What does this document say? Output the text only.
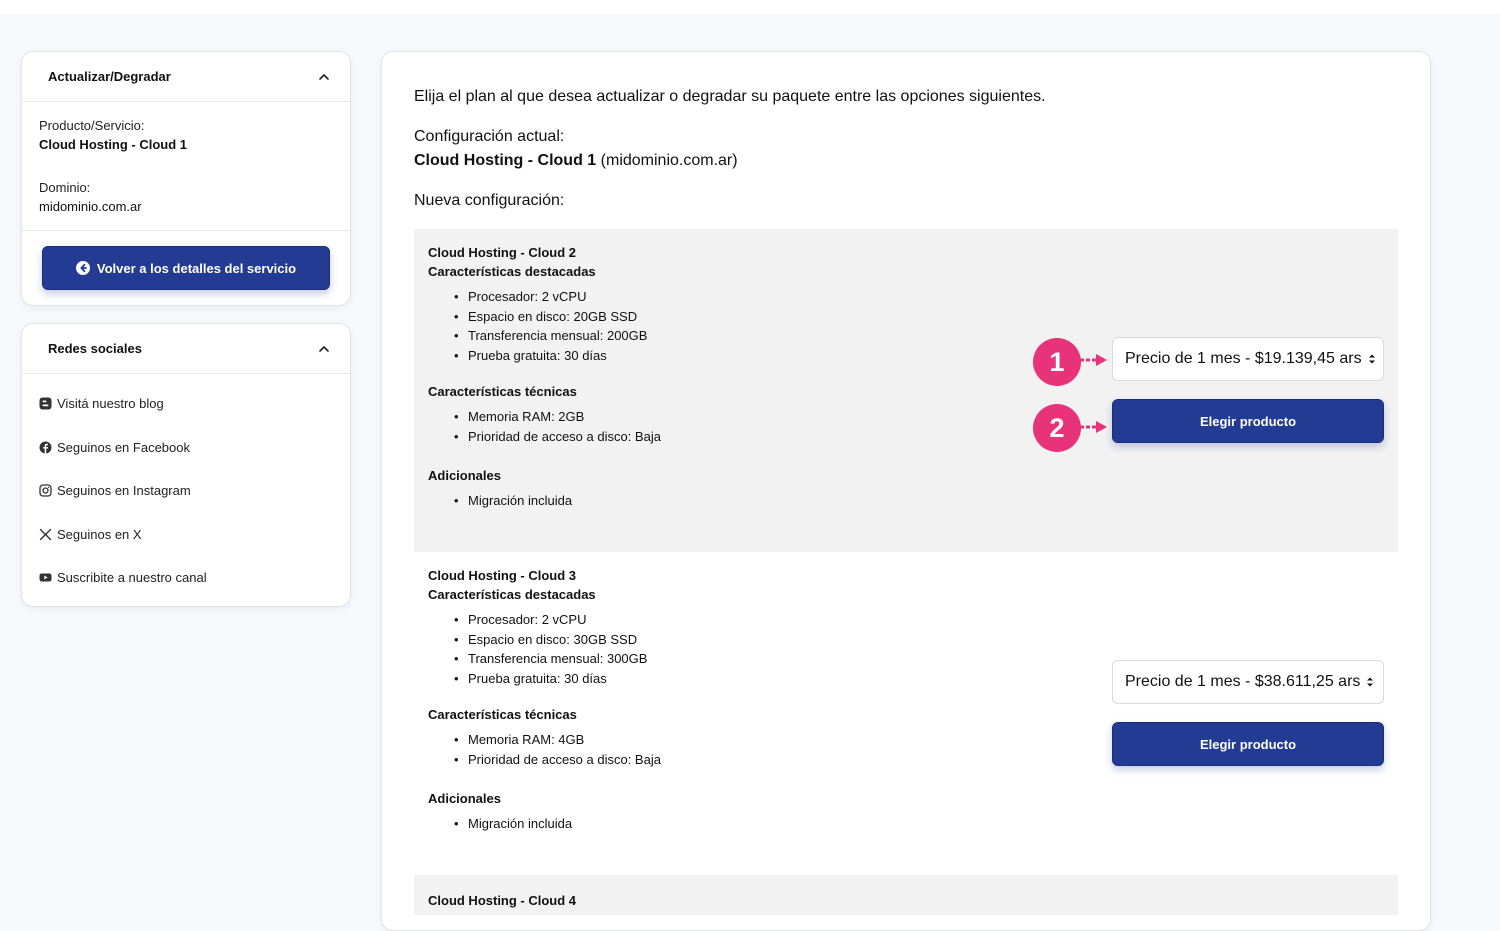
Actualizar/Degradar
Producto/Servicio:
Cloud Hosting - Cloud 1
Dominio:
midominio.com.ar
Volver a los detalles del servicio
Redes sociales
Visitá nuestro blog
Seguinos en Facebook
Seguinos en Instagram
Seguinos en X
Suscribite a nuestro canal
Elija el plan al que desea actualizar o degradar su paquete entre las opciones siguientes.
Configuración actual:
Cloud Hosting - Cloud 1 (midominio.com.ar)
Nueva configuración:
Cloud Hosting - Cloud 2
Características destacadas
• Procesador: 2 vCPU
• Espacio en disco: 20GB SSD
• Transferencia mensual: 200GB
• Prueba gratuita: 30 días
Características técnicas
• Memoria RAM: 2GB
• Prioridad de acceso a disco: Baja
Adicionales
• Migración incluida
Precio de 1 mes - $19.139,45 ars
Elegir producto
Cloud Hosting - Cloud 3
Características destacadas
• Procesador: 2 vCPU
• Espacio en disco: 30GB SSD
• Transferencia mensual: 300GB
• Prueba gratuita: 30 días
Características técnicas
• Memoria RAM: 4GB
• Prioridad de acceso a disco: Baja
Adicionales
• Migración incluida
Precio de 1 mes - $38.611,25 ars
Elegir producto
Cloud Hosting - Cloud 4
1
2
